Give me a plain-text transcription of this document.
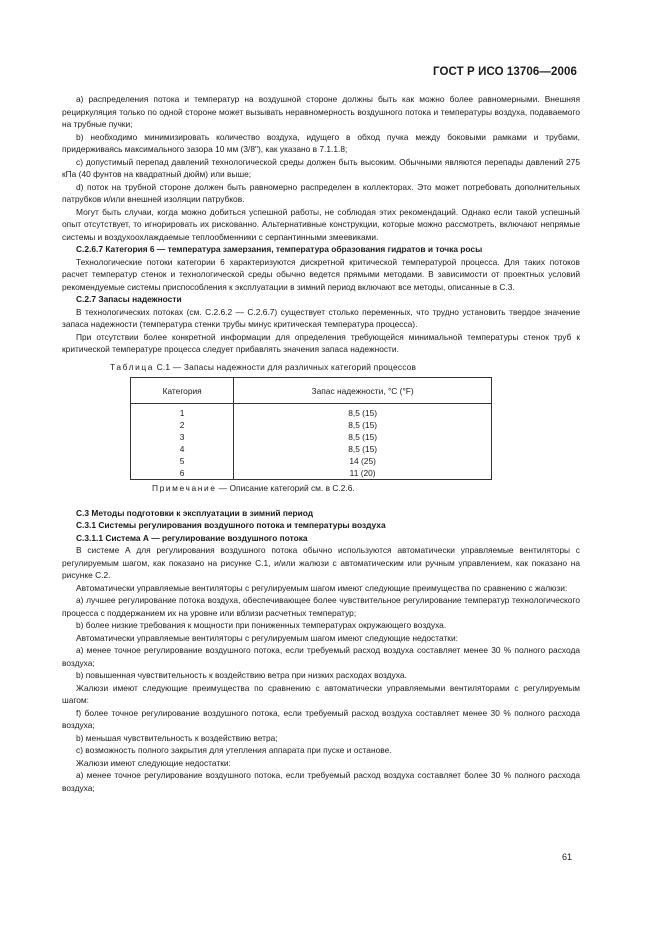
ГОСТ Р ИСО 13706—2006

а) распределения потока и температур на воздушной стороне должны быть как можно более равномерными. Внешняя рециркуляция только по одной стороне может вызывать неравномерность воздушного потока и температуры воздуха, подаваемого на трубные пучки;

b) необходимо минимизировать количество воздуха, идущего в обход пучка между боковыми рамками и трубами, придерживаясь максимального зазора 10 мм (3/8"), как указано в 7.1.1.8;

с) допустимый перепад давлений технологической среды должен быть высоким. Обычными являются перепады давлений 275 кПа (40 фунтов на квадратный дюйм) или выше;

d) поток на трубной стороне должен быть равномерно распределен в коллекторах. Это может потребовать дополнительных патрубков и/или внешней изоляции патрубков.

Могут быть случаи, когда можно добиться успешной работы, не соблюдая этих рекомендаций. Однако если такой успешный опыт отсутствует, то игнорировать их рискованно. Альтернативные конструкции, которые можно рассмотреть, включают непрямые системы и воздухоохлаждаемые теплообменники с серпантинными змеевиками.

С.2.6.7 Категория 6 — температура замерзания, температура образования гидратов и точка росы

Технологические потоки категории 6 характеризуются дискретной критической температурой процесса. Для таких потоков расчет температур стенок и технологической среды обычно ведется прямыми методами. В зависимости от проектных условий рекомендуемые системы приспособления к эксплуатации в зимний период включают все методы, описанные в С.3.

С.2.7 Запасы надежности

В технологических потоках (см. С.2.6.2 — С.2.6.7) существует столько переменных, что трудно установить твердое значение запаса надежности (температура стенки трубы минус критическая температура процесса).

При отсутствии более конкретной информации для определения требующейся минимальной температуры стенок труб к критической температуре процесса следует прибавлять значения запаса надежности.

Таблица С.1 — Запасы надежности для различных категорий процессов

Категория	Запас надежности, °С (°F)
1	8,5 (15)
2	8,5 (15)
3	8,5 (15)
4	8,5 (15)
5	14 (25)
6	11 (20)

Примечание — Описание категорий см. в С.2.6.

С.3 Методы подготовки к эксплуатации в зимний период

С.3.1 Системы регулирования воздушного потока и температуры воздуха

С.3.1.1 Система А — регулирование воздушного потока

В системе А для регулирования воздушного потока обычно используются автоматически управляемые вентиляторы с регулируемым шагом, как показано на рисунке С.1, и/или жалюзи с автоматическим или ручным управлением, как показано на рисунке С.2.

Автоматически управляемые вентиляторы с регулируемым шагом имеют следующие преимущества по сравнению с жалюзи:

а) лучшее регулирование потока воздуха, обеспечивающее более чувствительное регулирование температур технологического процесса с поддержанием их на уровне или вблизи расчетных температур;

b) более низкие требования к мощности при пониженных температурах окружающего воздуха.

Автоматически управляемые вентиляторы с регулируемым шагом имеют следующие недостатки:

а) менее точное регулирование воздушного потока, если требуемый расход воздуха составляет менее 30 % полного расхода воздуха;

b) повышенная чувствительность к воздействию ветра при низких расходах воздуха.

Жалюзи имеют следующие преимущества по сравнению с автоматически управляемыми вентиляторами с регулируемым шагом:

f) более точное регулирование воздушного потока, если требуемый расход воздуха составляет менее 30 % полного расхода воздуха;

b) меньшая чувствительность к воздействию ветра;

с) возможность полного закрытия для утепления аппарата при пуске и останове.

Жалюзи имеют следующие недостатки:

а) менее точное регулирование воздушного потока, если требуемый расход воздуха составляет более 30 % полного расхода воздуха;

61
